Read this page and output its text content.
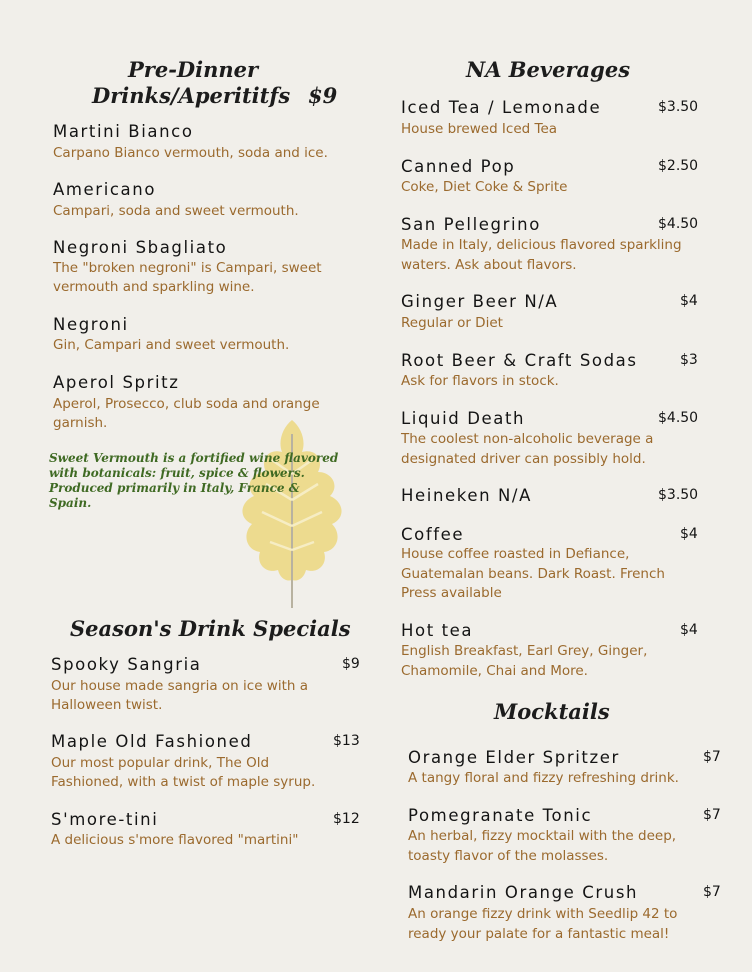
Pre-Dinner
Drinks/Aperititfs $9
Martini Bianco
Carpano Bianco vermouth, soda and ice.
Americano
Campari, soda and sweet vermouth.
Negroni Sbagliato
The "broken negroni" is Campari, sweet
vermouth and sparkling wine.
Negroni
Gin, Campari and sweet vermouth.
Aperol Spritz
Aperol, Prosecco, club soda and orange
garnish.
Sweet Vermouth is a fortified wine flavored
with botanicals: fruit, spice & flowers.
Produced primarily in Italy, France &
Spain.
Season's Drink Specials
Spooky Sangria	$9
Our house made sangria on ice with a
Halloween twist.
Maple Old Fashioned	$13
Our most popular drink, The Old
Fashioned, with a twist of maple syrup.
S'more-tini	$12
A delicious s'more flavored "martini"
NA Beverages
Iced Tea / Lemonade	$3.50
House brewed Iced Tea
Canned Pop	$2.50
Coke, Diet Coke & Sprite
San Pellegrino	$4.50
Made in Italy, delicious flavored sparkling
waters. Ask about flavors.
Ginger Beer N/A	$4
Regular or Diet
Root Beer & Craft Sodas	$3
Ask for flavors in stock.
Liquid Death	$4.50
The coolest non-alcoholic beverage a
designated driver can possibly hold.
Heineken N/A	$3.50
Coffee	$4
House coffee roasted in Defiance,
Guatemalan beans. Dark Roast. French
Press available
Hot tea	$4
English Breakfast, Earl Grey, Ginger,
Chamomile, Chai and More.
Mocktails
Orange Elder Spritzer	$7
A tangy floral and fizzy refreshing drink.
Pomegranate Tonic	$7
An herbal, fizzy mocktail with the deep,
toasty flavor of the molasses.
Mandarin Orange Crush	$7
An orange fizzy drink with Seedlip 42 to
ready your palate for a fantastic meal!
